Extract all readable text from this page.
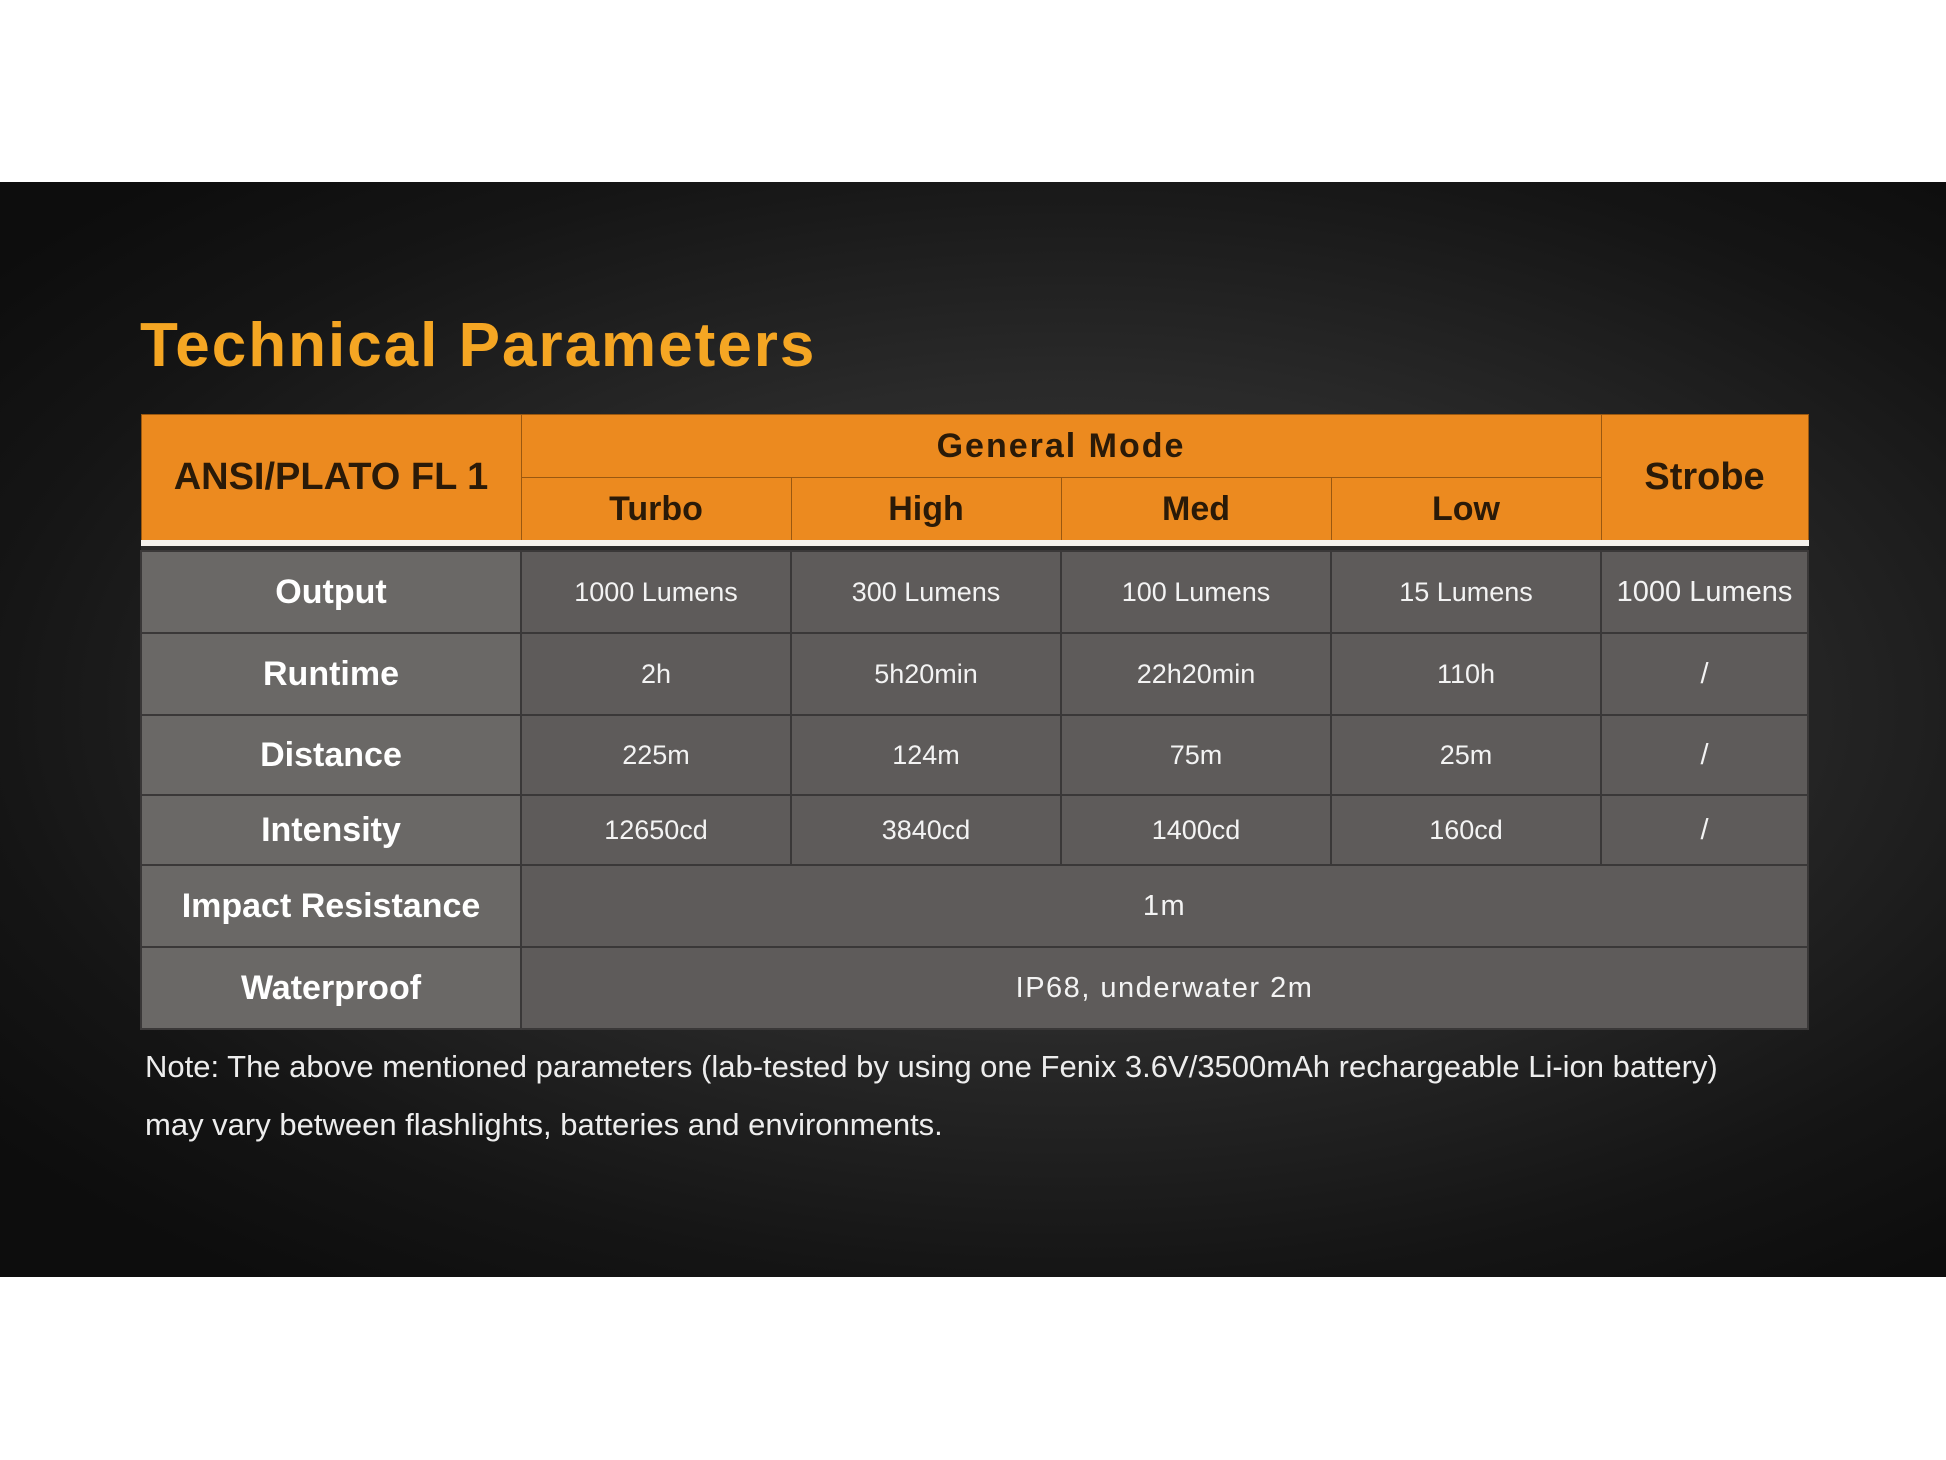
Technical Parameters
ANSI/PLATO FL 1	General Mode				Strobe
	Turbo	High	Med	Low	

Output	1000 Lumens	300 Lumens	100 Lumens	15 Lumens	1000 Lumens
Runtime	2h	5h20min	22h20min	110h	/
Distance	225m	124m	75m	25m	/
Intensity	12650cd	3840cd	1400cd	160cd	/
Impact Resistance	1m				
Waterproof	IP68, underwater 2m				

Note: The above mentioned parameters (lab-tested by using one Fenix 3.6V/3500mAh rechargeable Li-ion battery)
may vary between flashlights, batteries and environments.
